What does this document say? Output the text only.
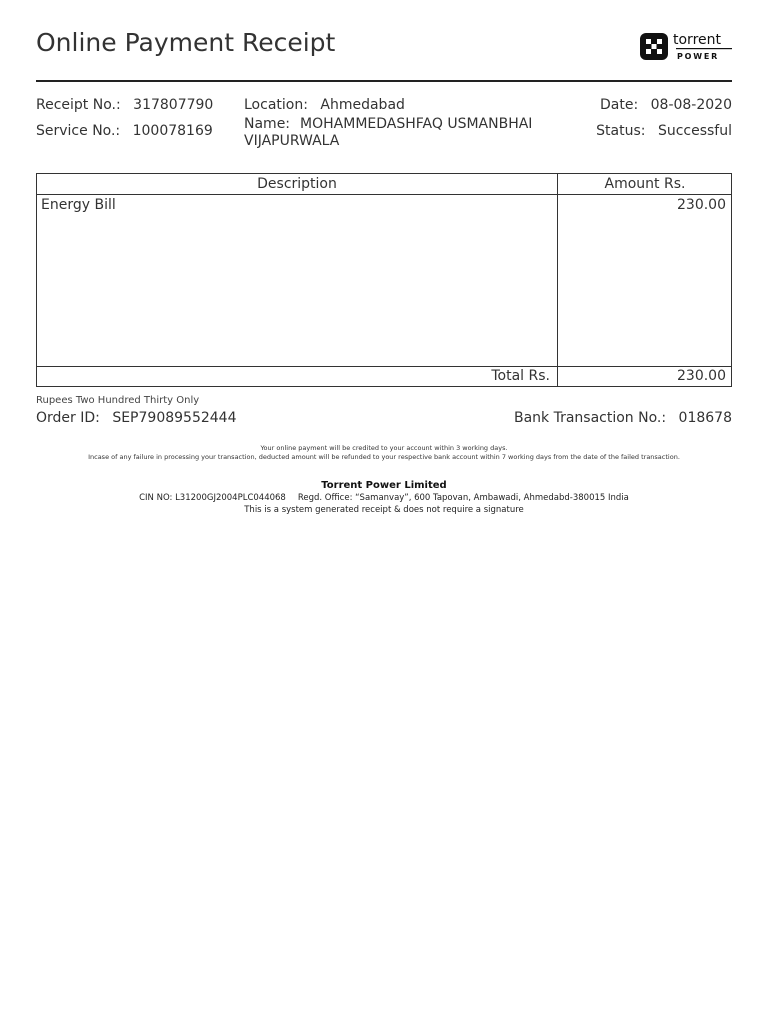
Online Payment Receipt	torrent
POWER
Receipt No.: 317807790
Service No.: 100078169
Location: Ahmedabad
Name: MOHAMMEDASHFAQ USMANBHAI VIJAPURWALA
Date: 08-08-2020
Status: Successful
Description	Amount Rs.
Energy Bill	230.00
Total Rs.	230.00
Rupees Two Hundred Thirty Only
Order ID: SEP79089552444	Bank Transaction No.: 018678
Your online payment will be credited to your account within 3 working days.
Incase of any failure in processing your transaction, deducted amount will be refunded to your respective bank account within 7 working days from the date of the failed transaction.
Torrent Power Limited
CIN NO: L31200GJ2004PLC044068 Regd. Office: “Samanvay”, 600 Tapovan, Ambawadi, Ahmedabd-380015 India
This is a system generated receipt & does not require a signature
